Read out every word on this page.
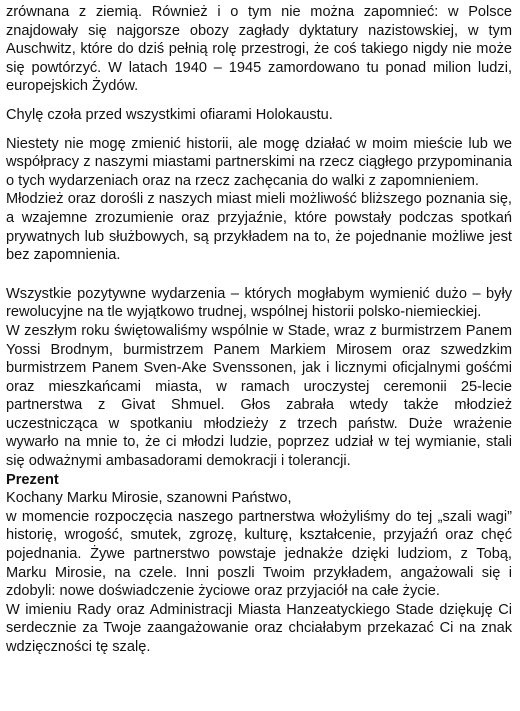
zrównana z ziemią. Również i o tym nie można zapomnieć: w Polsce znajdowały się najgorsze obozy zagłady dyktatury nazistowskiej, w tym Auschwitz, które do dziś pełnią rolę przestrogi, że coś takiego nigdy nie może się powtórzyć. W latach 1940 – 1945 zamordowano tu ponad milion ludzi, europejskich Żydów.

Chylę czoła przed wszystkimi ofiarami Holokaustu.

Niestety nie mogę zmienić historii, ale mogę działać w moim mieście lub we współpracy z naszymi miastami partnerskimi na rzecz ciągłego przypominania o tych wydarzeniach oraz na rzecz zachęcania do walki z zapomnieniem.

Młodzież oraz dorośli z naszych miast mieli możliwość bliższego poznania się, a wzajemne zrozumienie oraz przyjaźnie, które powstały podczas spotkań prywatnych lub służbowych, są przykładem na to, że pojednanie możliwe jest bez zapomnienia.

Wszystkie pozytywne wydarzenia – których mogłabym wymienić dużo – były rewolucyjne na tle wyjątkowo trudnej, wspólnej historii polsko-niemieckiej.

W zeszłym roku świętowaliśmy wspólnie w Stade, wraz z burmistrzem Panem Yossi Brodnym, burmistrzem Panem Markiem Mirosem oraz szwedzkim burmistrzem Panem Sven-Ake Svenssonen, jak i licznymi oficjalnymi gośćmi oraz mieszkańcami miasta, w ramach uroczystej ceremonii 25-lecie partnerstwa z Givat Shmuel. Głos zabrała wtedy także młodzież uczestnicząca w spotkaniu młodzieży z trzech państw. Duże wrażenie wywarło na mnie to, że ci młodzi ludzie, poprzez udział w tej wymianie, stali się odważnymi ambasadorami demokracji i tolerancji.

Prezent

Kochany Marku Mirosie, szanowni Państwo,

w momencie rozpoczęcia naszego partnerstwa włożyliśmy do tej „szali wagi” historię, wrogość, smutek, zgrozę, kulturę, kształcenie, przyjaźń oraz chęć pojednania. Żywe partnerstwo powstaje jednakże dzięki ludziom, z Tobą, Marku Mirosie, na czele. Inni poszli Twoim przykładem, angażowali się i zdobyli: nowe doświadczenie życiowe oraz przyjaciół na całe życie.

W imieniu Rady oraz Administracji Miasta Hanzeatyckiego Stade dziękuję Ci serdecznie za Twoje zaangażowanie oraz chciałabym przekazać Ci na znak wdzięczności tę szalę.
